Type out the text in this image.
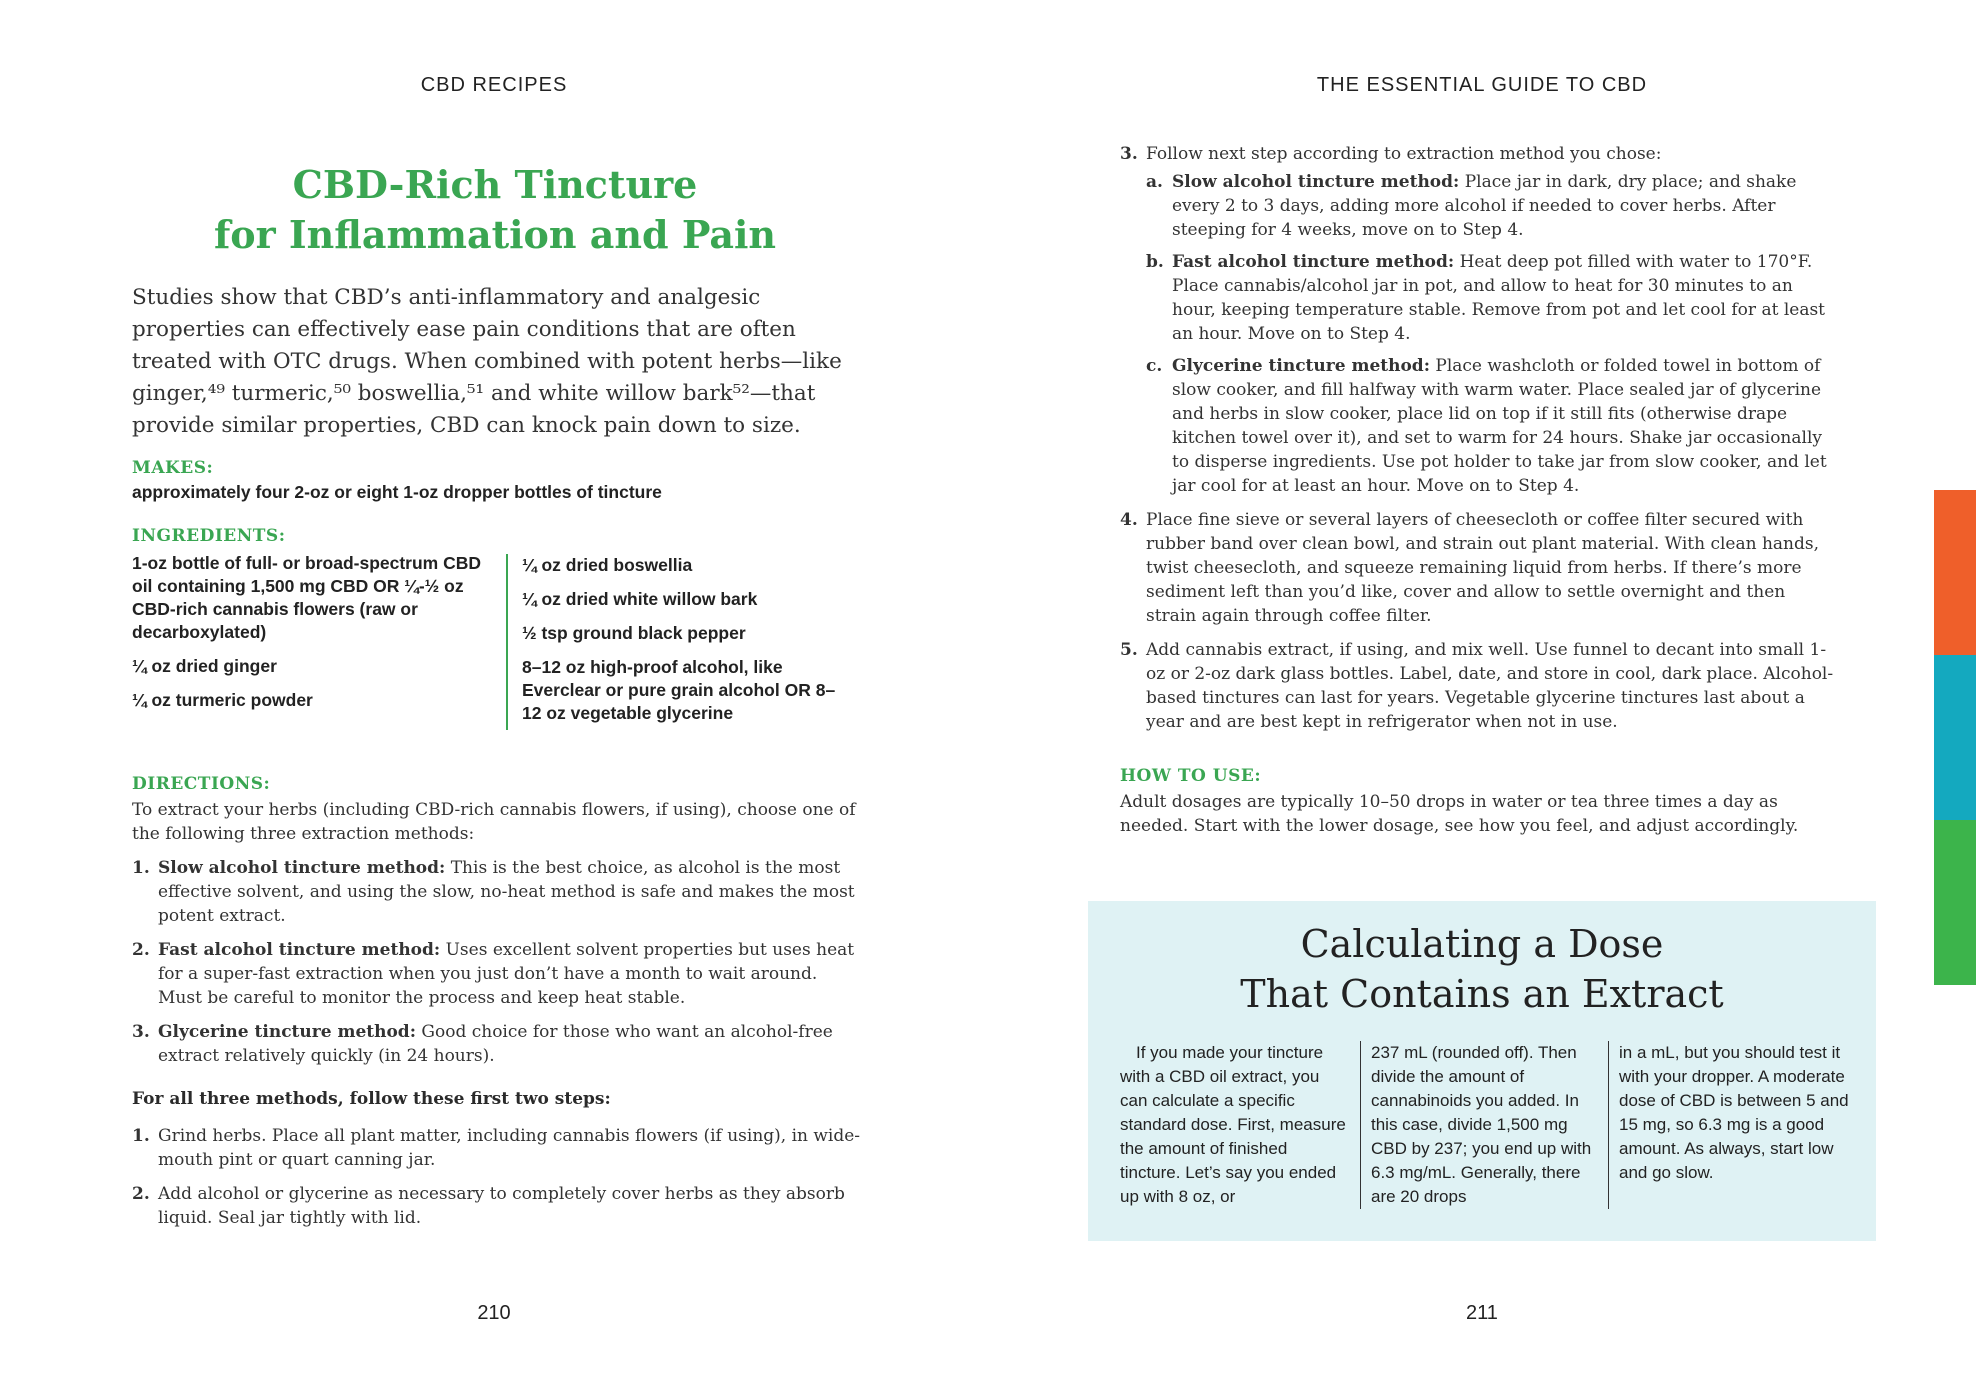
CBD RECIPES
CBD-Rich Tincture
for Inflammation and Pain
Studies show that CBD’s anti-inflammatory and analgesic properties can effectively ease pain conditions that are often treated with OTC drugs. When combined with potent herbs—like ginger,⁴⁹ turmeric,⁵⁰ boswellia,⁵¹ and white willow bark⁵²—that provide similar properties, CBD can knock pain down to size.
MAKES:
approximately four 2-oz or eight 1-oz dropper bottles of tincture
INGREDIENTS:
1-oz bottle of full- or broad-spectrum CBD oil containing 1,500 mg CBD OR ¼-½ oz CBD-rich cannabis flowers (raw or decarboxylated)
¼ oz dried ginger
¼ oz turmeric powder
¼ oz dried boswellia
¼ oz dried white willow bark
½ tsp ground black pepper
8–12 oz high-proof alcohol, like Everclear or pure grain alcohol OR 8–12 oz vegetable glycerine
DIRECTIONS:
To extract your herbs (including CBD-rich cannabis flowers, if using), choose one of the following three extraction methods:
1. Slow alcohol tincture method: This is the best choice, as alcohol is the most effective solvent, and using the slow, no-heat method is safe and makes the most potent extract.
2. Fast alcohol tincture method: Uses excellent solvent properties but uses heat for a super-fast extraction when you just don’t have a month to wait around. Must be careful to monitor the process and keep heat stable.
3. Glycerine tincture method: Good choice for those who want an alcohol-free extract relatively quickly (in 24 hours).
For all three methods, follow these first two steps:
1. Grind herbs. Place all plant matter, including cannabis flowers (if using), in wide-mouth pint or quart canning jar.
2. Add alcohol or glycerine as necessary to completely cover herbs as they absorb liquid. Seal jar tightly with lid.
210
THE ESSENTIAL GUIDE TO CBD
211
3. Follow next step according to extraction method you chose:
a. Slow alcohol tincture method: Place jar in dark, dry place; and shake every 2 to 3 days, adding more alcohol if needed to cover herbs. After steeping for 4 weeks, move on to Step 4.
b. Fast alcohol tincture method: Heat deep pot filled with water to 170°F. Place cannabis/alcohol jar in pot, and allow to heat for 30 minutes to an hour, keeping temperature stable. Remove from pot and let cool for at least an hour. Move on to Step 4.
c. Glycerine tincture method: Place washcloth or folded towel in bottom of slow cooker, and fill halfway with warm water. Place sealed jar of glycerine and herbs in slow cooker, place lid on top if it still fits (otherwise drape kitchen towel over it), and set to warm for 24 hours. Shake jar occasionally to disperse ingredients. Use pot holder to take jar from slow cooker, and let jar cool for at least an hour. Move on to Step 4.
4. Place fine sieve or several layers of cheesecloth or coffee filter secured with rubber band over clean bowl, and strain out plant material. With clean hands, twist cheesecloth, and squeeze remaining liquid from herbs. If there’s more sediment left than you’d like, cover and allow to settle overnight and then strain again through coffee filter.
5. Add cannabis extract, if using, and mix well. Use funnel to decant into small 1-oz or 2-oz dark glass bottles. Label, date, and store in cool, dark place. Alcohol-based tinctures can last for years. Vegetable glycerine tinctures last about a year and are best kept in refrigerator when not in use.
HOW TO USE:
Adult dosages are typically 10–50 drops in water or tea three times a day as needed. Start with the lower dosage, see how you feel, and adjust accordingly.
Calculating a Dose
That Contains an Extract
If you made your tincture with a CBD oil extract, you can calculate a specific standard dose. First, measure the amount of finished tincture. Let’s say you ended up with 8 oz, or
237 mL (rounded off). Then divide the amount of cannabinoids you added. In this case, divide 1,500 mg CBD by 237; you end up with 6.3 mg/mL. Generally, there are 20 drops
in a mL, but you should test it with your dropper. A moderate dose of CBD is between 5 and 15 mg, so 6.3 mg is a good amount. As always, start low and go slow.
